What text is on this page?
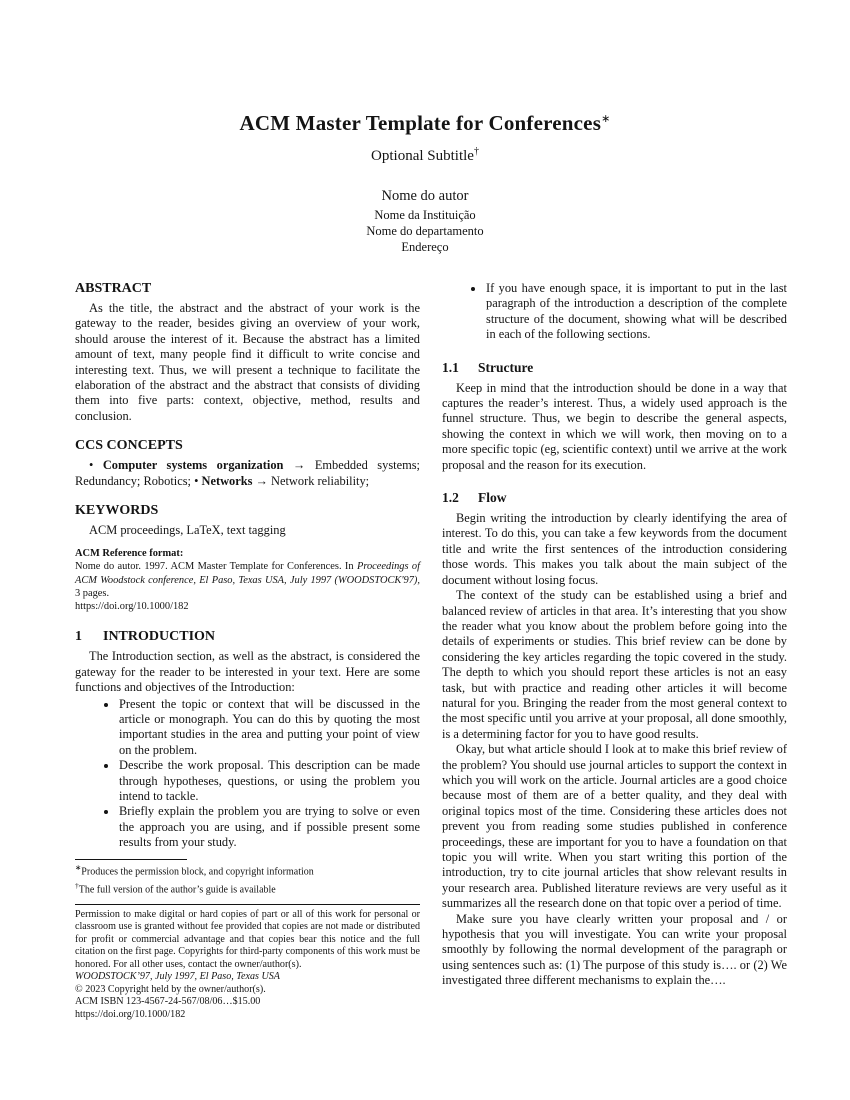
ACM Master Template for Conferences∗
Optional Subtitle†
Nome do autor
Nome da Instituição
Nome do departamento
Endereço
ABSTRACT

As the title, the abstract and the abstract of your work is the gateway to the reader, besides giving an overview of your work, should arouse the interest of it. Because the abstract has a limited amount of text, many people find it difficult to write concise and interesting text. Thus, we will present a technique to facilitate the elaboration of the abstract and the abstract that consists of dividing them into five parts: context, objective, method, results and conclusion.

CCS CONCEPTS

• Computer systems organization → Embedded systems; Redundancy; Robotics; • Networks → Network reliability;

KEYWORDS

ACM proceedings, LaTeX, text tagging

ACM Reference format:

Nome do autor. 1997. ACM Master Template for Conferences. In Proceedings of ACM Woodstock conference, El Paso, Texas USA, July 1997 (WOODSTOCK'97), 3 pages.

https://doi.org/10.1000/182
1 INTRODUCTION

The Introduction section, as well as the abstract, is considered the gateway for the reader to be interested in your text. Here are some functions and objectives of the Introduction:

• Present the topic or context that will be discussed in the article or monograph. You can do this by quoting the most important studies in the area and putting your point of view on the problem.
• Describe the work proposal. This description can be made through hypotheses, questions, or using the problem you intend to tackle.
• Briefly explain the problem you are trying to solve or even the approach you are using, and if possible present some results from your study.
∗Produces the permission block, and copyright information
†The full version of the author’s guide is available

Permission to make digital or hard copies of part or all of this work for personal or classroom use is granted without fee provided that copies are not made or distributed for profit or commercial advantage and that copies bear this notice and the full citation on the first page. Copyrights for third-party components of this work must be honored. For all other uses, contact the owner/author(s).

WOODSTOCK’97, July 1997, El Paso, Texas USA
© 2023 Copyright held by the owner/author(s).
ACM ISBN 123-4567-24-567/08/06…$15.00
https://doi.org/10.1000/182
• If you have enough space, it is important to put in the last paragraph of the introduction a description of the complete structure of the document, showing what will be described in each of the following sections.
1.1 Structure

Keep in mind that the introduction should be done in a way that captures the reader’s interest. Thus, a widely used approach is the funnel structure. Thus, we begin to describe the general aspects, showing the context in which we will work, then moving on to a more specific topic (eg, scientific context) until we arrive at the work proposal and the reason for its execution.

1.2 Flow

Begin writing the introduction by clearly identifying the area of interest. To do this, you can take a few keywords from the document title and write the first sentences of the introduction considering those words. This makes you talk about the main subject of the document without losing focus.

The context of the study can be established using a brief and balanced review of articles in that area. It’s interesting that you show the reader what you know about the problem before going into the details of experiments or studies. This brief review can be done by considering the key articles regarding the topic covered in the study. The depth to which you should report these articles is not an easy task, but with practice and reading other articles it will become natural for you. Bringing the reader from the most general context to the most specific until you arrive at your proposal, all done smoothly, is a determining factor for you to have good results.

Okay, but what article should I look at to make this brief review of the problem? You should use journal articles to support the context in which you will work on the article. Journal articles are a good choice because most of them are of a better quality, and they deal with original topics most of the time. Considering these articles does not prevent you from reading some studies published in conference proceedings, these are important for you to have a foundation on that topic you will write. When you start writing this portion of the introduction, try to cite journal articles that show relevant results in your research area. Published literature reviews are very useful as it summarizes all the research done on that topic over a period of time.

Make sure you have clearly written your proposal and / or hypothesis that you will investigate. You can write your proposal smoothly by following the normal development of the paragraph or using sentences such as: (1) The purpose of this study is…. or (2) We investigated three different mechanisms to explain the….
